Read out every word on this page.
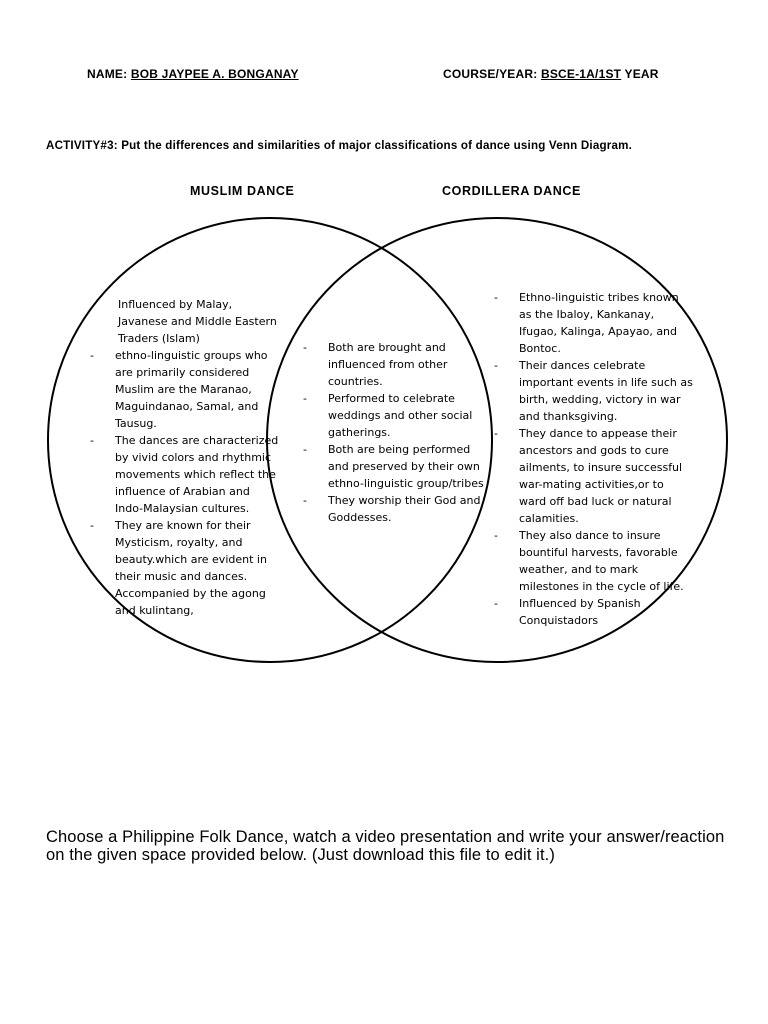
NAME: BOB JAYPEE A. BONGANAY	COURSE/YEAR: BSCE-1A/1ST YEAR
ACTIVITY#3: Put the differences and similarities of major classifications of dance using Venn Diagram.
MUSLIM DANCE	CORDILLERA DANCE
Influenced by Malay, Javanese and Middle Eastern Traders (Islam)
- ethno-linguistic groups who are primarily considered Muslim are the Maranao, Maguindanao, Samal, and Tausug.
- The dances are characterized by vivid colors and rhythmic movements which reflect the influence of Arabian and Indo-Malaysian cultures.
- They are known for their Mysticism, royalty, and beauty.which are evident in their music and dances. Accompanied by the agong and kulintang,
- Both are brought and influenced from other countries.
- Performed to celebrate weddings and other social gatherings.
- Both are being performed and preserved by their own ethno-linguistic group/tribes
- They worship their God and Goddesses.
- Ethno-linguistic tribes known as the Ibaloy, Kankanay, Ifugao, Kalinga, Apayao, and Bontoc.
- Their dances celebrate important events in life such as birth, wedding, victory in war and thanksgiving.
- They dance to appease their ancestors and gods to cure ailments, to insure successful war-mating activities,or to ward off bad luck or natural calamities.
- They also dance to insure bountiful harvests, favorable weather, and to mark milestones in the cycle of life.
- Influenced by Spanish Conquistadors
Choose a Philippine Folk Dance, watch a video presentation and write your answer/reaction on the given space provided below. (Just download this file to edit it.)
